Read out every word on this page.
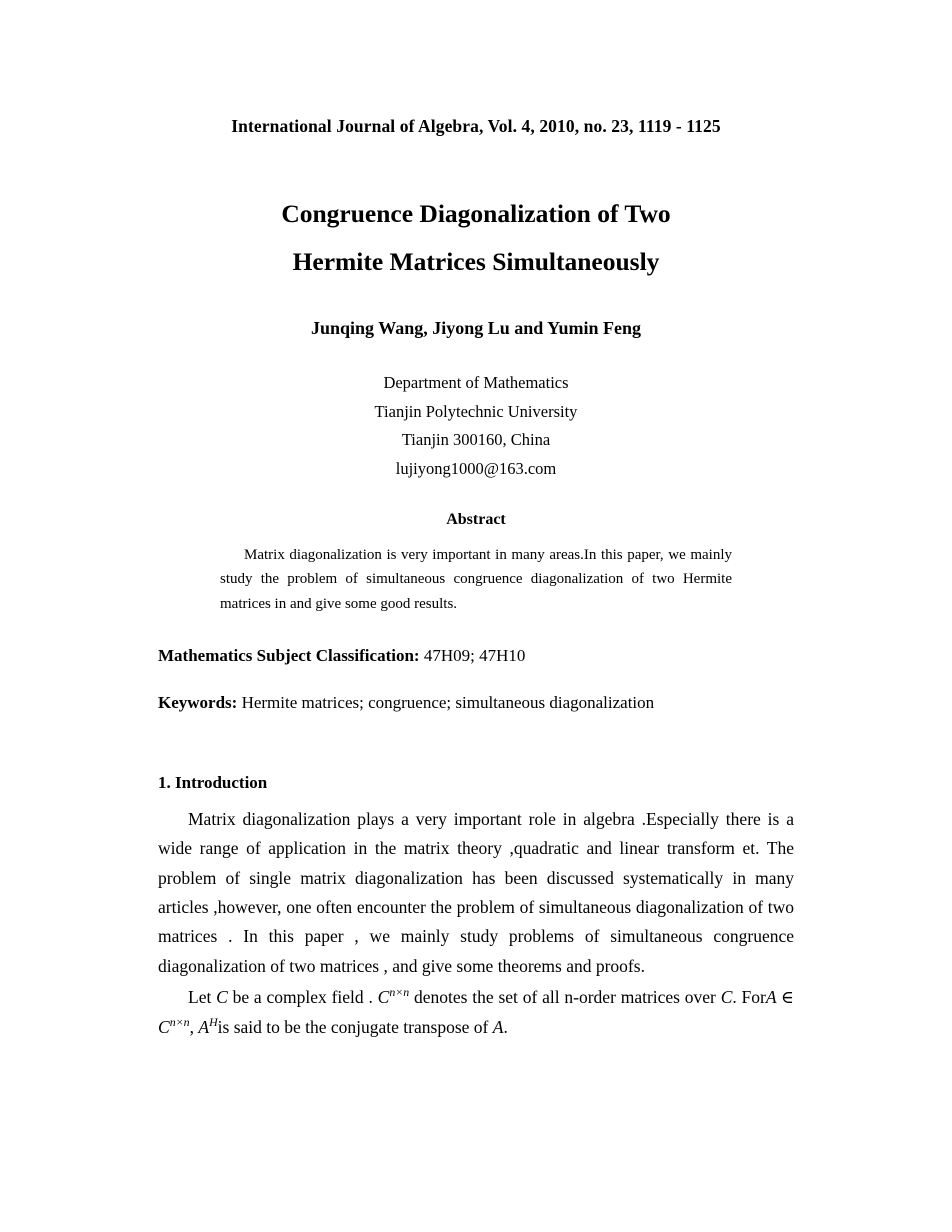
International Journal of Algebra, Vol. 4, 2010, no. 23, 1119 - 1125
Congruence Diagonalization of Two
Hermite Matrices Simultaneously
Junqing Wang, Jiyong Lu and Yumin Feng
Department of Mathematics
Tianjin Polytechnic University
Tianjin 300160, China
lujiyong1000@163.com
Abstract
Matrix diagonalization is very important in many areas.In this paper, we mainly study the problem of simultaneous congruence diagonalization of two Hermite matrices in and give some good results.
Mathematics Subject Classification: 47H09; 47H10
Keywords: Hermite matrices; congruence; simultaneous diagonalization
1. Introduction
Matrix diagonalization plays a very important role in algebra .Especially there is a wide range of application in the matrix theory ,quadratic and linear transform et. The problem of single matrix diagonalization has been discussed systematically in many articles ,however, one often encounter the problem of simultaneous diagonalization of two matrices . In this paper , we mainly study problems of simultaneous congruence diagonalization of two matrices , and give some theorems and proofs.
Let C be a complex field . $C^{n\times n}$ denotes the set of all n-order matrices over C. ForA ∈ $C^{n\times n}$, $A^His$ said to be the conjugate transpose of A.
